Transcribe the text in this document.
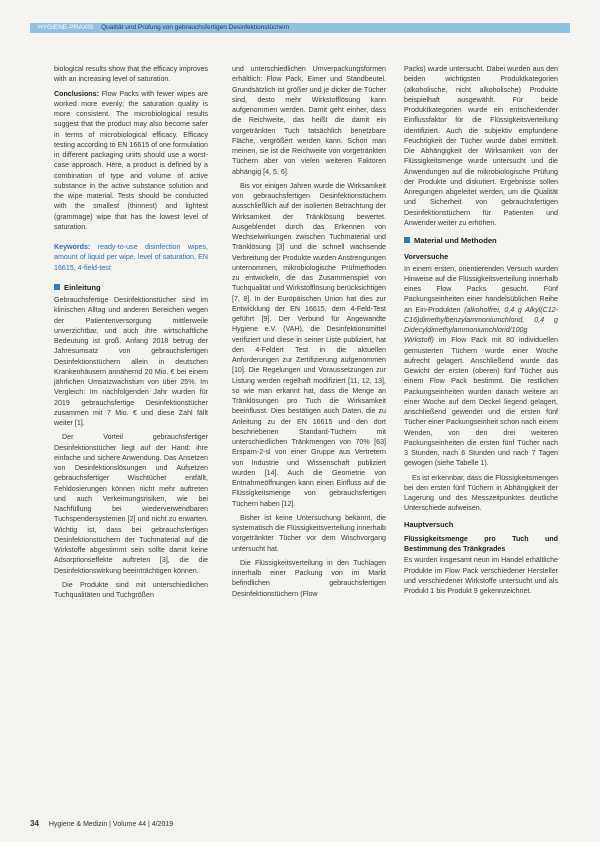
HYGIENE-PRAXIS Qualität und Prüfung von gebrauchsfertigen Desinfektionstüchern

biological results show that the efficacy improves with an increasing level of saturation.

Conclusions: Flow Packs with fewer wipes are worked more evenly; the saturation quality is more consistent. The microbiological results suggest that the product may also become safer in terms of microbiological efficacy. Efficacy testing according to EN 16615 of one formulation in different packaging units should use a worst-case approach. Here, a product is defined by a combination of type and volume of active substance in the active substance solution and the wipe material. Tests should be conducted with the smallest (thinnest) and lightest (grammage) wipe that has the lowest level of saturation.

Keywords: ready-to-use disinfection wipes, amount of liquid per wipe, level of saturation, EN 16615, 4-field-test

Einleitung

Gebrauchsfertige Desinfektionstücher sind im klinischen Alltag und anderen Bereichen wegen der Patientenversorgung mittlerweile unverzichtbar, und auch ihre wirtschaftliche Bedeutung ist groß. Anfang 2018 betrug der Jahresumsatz von gebrauchsfertigen Desinfektionstüchern allein in deutschen Krankenhäusern annähernd 20 Mio. € bei einem jährlichen Umsatzwachstum von über 25%. Im Vergleich: Im nachfolgenden Jahr wurden für 2019 gebrauchsfertige Desinfektionstücher zusammen mit 7 Mio. € und diese Zahl fällt weiter [1].

Der Vorteil gebrauchsfertiger Desinfektionstücher liegt auf der Hand: ihre einfache und sichere Anwendung. Das Ansetzen von Desinfektionslösungen und Aufsetzen gebrauchsfertiger Wischtücher entfällt, Fehldosierungen können nicht mehr auftreten und auch Verkeimungsrisiken, wie bei Nachfüllung bei wiederverwendbaren Tuchspendersystemen [2] und nicht zu erwarten. Wichtig ist, dass bei gebrauchsfertigen Desinfektionstüchern der Tuchmaterial auf die Wirkstoffe abgestimmt sein sollte damit keine Adsorptionseffekte auftreten [3], die die Desinfektionswirkung beeinträchtigen können.

Die Produkte sind mit unterschiedlichen Tuchqualitäten und Tuchgrößen

und unterschiedlichen Umverpackungsformen erhältlich: Flow Pack, Eimer und Standbeutel. Grundsätzlich ist größer und je dicker die Tücher sind, desto mehr Wirkstofflösung kann aufgenommen werden. Damit geht einher, dass die Reichweite, das heißt die damit ein vorgetränkten Tuch tatsächlich benetzbare Fläche, vergrößert werden kann. Schon man meinen, sie ist die Reichweite von vorgetränkten Tüchern aber von vielen weiteren Faktoren abhängig [4, 5, 6].

Bis vor einigen Jahren wurde die Wirksamkeit von gebrauchsfertigen Desinfektionstüchern ausschließlich auf der isolierten Betrachtung der Wirksamkeit der Tränklösung bewertet. Ausgeblendet durch das Erkennen von Wechselwirkungen zwischen Tuchmaterial und Tränklösung [3] und die schnell wachsende Verbreitung der Produkte wurden Anstrengungen unternommen, mikrobiologische Prüfmethoden zu entwickeln, die das Zusammenspiel von Tuchqualität und Wirkstofflösung berücksichtigen [7, 8]. In der Europäischen Union hat dies zur Entwicklung der EN 16615, dem 4-Feld-Test geführt [9]. Der Verbund für Angewandte Hygiene e.V. (VAH), die Desinfektionsmittel verifiziert und diese in seiner Liste publiziert, hat den 4-Feldert Test in die aktuellen Anforderungen zur Zertifizierung aufgenommen [10]. Die Regelungen und Voraussetzungen zur Listung werden regelhaft modifiziert [11, 12, 13], so wie man erkannt hat, dass die Menge an Tränklösungen pro Tuch die Wirksamkeit beeinflusst. Dies bestätigen auch Daten, die zu Anleitung zu der EN 16615 und den dort beschriebenen Standard-Tüchern mit unterschiedlichen Tränkmengen von 70% [63] Ersparn-2-sl von einer Gruppe aus Vertretern von Industrie und Wissenschaft publiziert wurden [14]. Auch die Geometrie von Entnahmeöffnungen kann einen Einfluss auf die Flüssigkeitsmenge von gebrauchsfertigen Tüchern haben [12].

Bisher ist keine Untersuchung bekannt, die systematisch die Flüssigkeitsverteilung innerhalb vorgetränkter Tücher vor dem Wischvorgang untersucht hat.

Die Flüssigkeitsverteilung in den Tuchlagen innerhalb einer Packung von im Markt befindlichen gebrauchsfertigen Desinfektionstüchern (Flow

Packs) wurde untersucht. Dabei wurden aus den beiden wichtigsten Produktkategorien (alkoholische, nicht alkoholische) Produkte beispielhaft ausgewählt. Für beide Produktkategorien wurde ein entscheidender Einflussfaktor für die Flüssigkeitsverteilung identifiziert. Auch die subjektiv empfundene Feuchtigkeit der Tücher wurde dabei ermittelt. Die Abhängigkeit der Wirksamkeit von der Flüssigkeitsmenge wurde untersucht und die Anwendungen auf die mikrobiologische Prüfung der Produkte und diskutiert. Ergebnisse sollen Anregungen abgeleitet werden, um die Qualität und Sicherheit von gebrauchsfertigen Desinfektionstüchern für Patienten und Anwender weiter zu erhöhen.

Material und Methoden
Vorversuche

In einem ersten, orientierenden Versuch wurden Hinweise auf die Flüssigkeitsverteilung innerhalb eines Flow Packs gesucht. Fünf Packungseinheiten einer handelsüblichen Reihe an Ein-Produkten (alkoholfrei, 0,4 g Alkyl(C12-C16)dimethylbenzylammoniumchlorid, 0,4 g Didecyldimethylammoniumchlorid/100g Wirkstoff) im Flow Pack mit 80 individuellen gemusterten Tüchern wurde einer Woche aufrecht gelagert. Anschließend wurde das Gewicht der ersten (oberen) fünf Tücher aus einem Flow Pack bestimmt. Die restlichen Packungseinheiten wurden danach weitere an einer Woche auf dem Deckel liegend gelagert, anschließend gewendet und die ersten fünf Tücher einer Packungseinheit schon nach einem Wenden, von den drei weiteren Packungseinheiten die ersten fünf Tücher nach 3 Stunden, nach 6 Stunden und nach 7 Tagen gewogen (siehe Tabelle 1).

Es ist erkennbar, dass die Flüssigkeitsmengen bei den ersten fünf Tüchern in Abhängigkeit der Lagerung und des Messzeitpunktes deutliche Unterschiede aufweisen.

Hauptversuch
Flüssigkeitsmenge pro Tuch und Bestimmung des Tränkgrades

Es wurden insgesamt neun im Handel erhältliche Produkte im Flow Pack verschiedener Hersteller und verschiedener Wirkstoffe untersucht und als Produkt 1 bis Produkt 9 gekennzeichnet.

34 Hygiene & Medizin | Volume 44 | 4/2019
